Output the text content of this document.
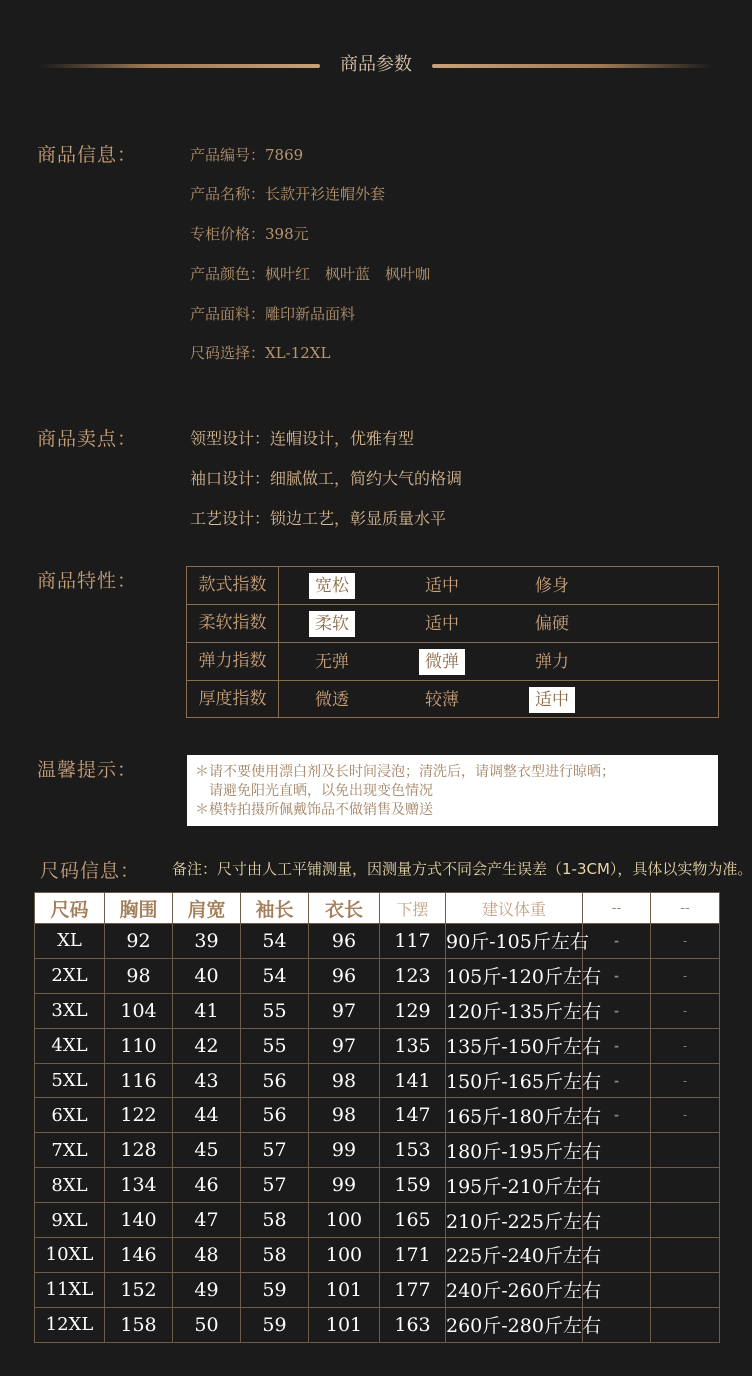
商品参数
商品信息：	产品编号：7869
产品名称：长款开衫连帽外套
专柜价格：398元
产品颜色：枫叶红　枫叶蓝　枫叶咖
产品面料：雕印新品面料
尺码选择：XL-12XL
商品卖点：	领型设计：连帽设计，优雅有型
袖口设计：细腻做工，简约大气的格调
工艺设计：锁边工艺，彰显质量水平
商品特性：	款式指数	宽松	适中	修身
柔软指数	柔软	适中	偏硬
弹力指数	无弹	微弹	弹力
厚度指数	微透	较薄	适中
温馨提示：	＊请不要使用漂白剂及长时间浸泡；清洗后，请调整衣型进行晾晒；
　请避免阳光直晒，以免出现变色情况
＊模特拍摄所佩戴饰品不做销售及赠送
尺码信息： 备注：尺寸由人工平铺测量，因测量方式不同会产生误差（1-3CM），具体以实物为准。
尺码	胸围	肩宽	袖长	衣长	下摆	建议体重	--	--
XL	92	39	54	96	117	90斤-105斤左右	-	-
2XL	98	40	54	96	123	105斤-120斤左右	-	-
3XL	104	41	55	97	129	120斤-135斤左右	-	-
4XL	110	42	55	97	135	135斤-150斤左右	-	-
5XL	116	43	56	98	141	150斤-165斤左右	-	-
6XL	122	44	56	98	147	165斤-180斤左右	-	-
7XL	128	45	57	99	153	180斤-195斤左右		
8XL	134	46	57	99	159	195斤-210斤左右		
9XL	140	47	58	100	165	210斤-225斤左右		
10XL	146	48	58	100	171	225斤-240斤左右		
11XL	152	49	59	101	177	240斤-260斤左右		
12XL	158	50	59	101	163	260斤-280斤左右		
